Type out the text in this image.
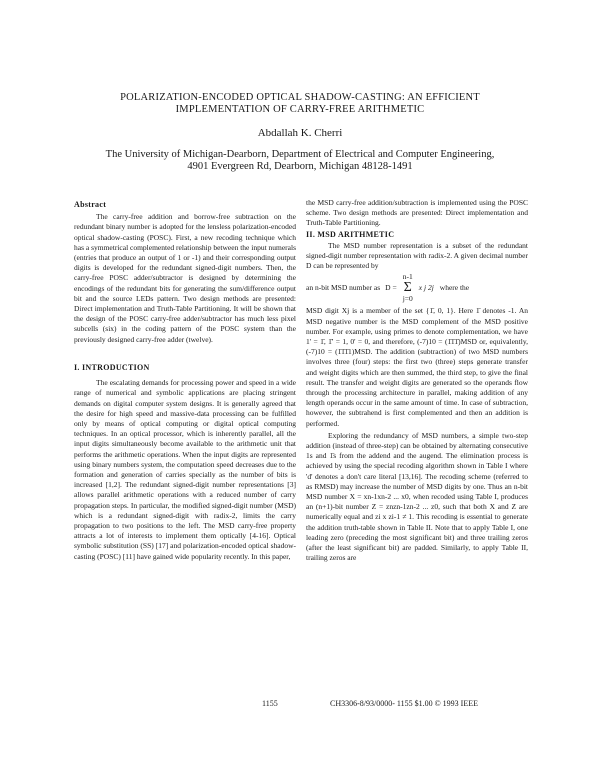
POLARIZATION-ENCODED OPTICAL SHADOW-CASTING: AN EFFICIENT
IMPLEMENTATION OF CARRY-FREE ARITHMETIC
Abdallah K. Cherri
The University of Michigan-Dearborn, Department of Electrical and Computer Engineering,
4901 Evergreen Rd, Dearborn, Michigan 48128-1491
Abstract

The carry-free addition and borrow-free subtraction on the redundant binary number is adopted for the lensless polarization-encoded optical shadow-casting (POSC). First, a new recoding technique which has a symmetrical complemented relationship between the input numerals (entries that produce an output of 1 or -1) and their corresponding output digits is developed for the redundant signed-digit numbers. Then, the carry-free POSC adder/subtractor is designed by determining the encodings of the redundant bits for generating the sum/difference output bit and the source LEDs pattern. Two design methods are presented: Direct implementation and Truth-Table Partitioning. It will be shown that the design of the POSC carry-free adder/subtractor has much less pixel subcells (six) in the coding pattern of the POSC system than the previously designed carry-free adder (twelve).

I. INTRODUCTION

The escalating demands for processing power and speed in a wide range of numerical and symbolic applications are placing stringent demands on digital computer system designs. It is generally agreed that the desire for high speed and massive-data processing can be fulfilled only by means of optical computing or digital optical computing techniques. In an optical processor, which is inherently parallel, all the input digits simultaneously become available to the arithmetic unit that performs the arithmetic operations. When the input digits are represented using binary numbers system, the computation speed decreases due to the formation and generation of carries specially as the number of bits is increased [1,2]. The redundant signed-digit number representations [3] allows parallel arithmetic operations with a reduced number of carry propagation steps. In particular, the modified signed-digit number (MSD) which is a redundant signed-digit with radix-2, limits the carry propagation to two positions to the left. The MSD carry-free property attracts a lot of interests to implement them optically [4-16]. Optical symbolic substitution (SS) [17] and polarization-encoded optical shadow-casting (POSC) [11] have gained wide popularity recently. In this paper,

the MSD carry-free addition/subtraction is implemented using the POSC scheme. Two design methods are presented: Direct implementation and Truth-Table Partitioning.

II. MSD ARITHMETIC

The MSD number representation is a subset of the redundant signed-digit number representation with radix-2. A given decimal number D can be represented by

an n-bit MSD number as D =
n-1
Σ
j=0
x j 2j where the

MSD digit Xj is a member of the set {1̄, 0, 1}. Here 1̄ denotes -1. An MSD negative number is the MSD complement of the MSD positive number. For example, using primes to denote complementation, we have 1' = 1̄, 1̄' = 1, 0' = 0, and therefore, (-7)10 = (1̄1̄1̄)MSD or, equivalently, (-7)10 = (1̄1̄1̄1)MSD. The addition (subtraction) of two MSD numbers involves three (four) steps: the first two (three) steps generate transfer and weight digits which are then summed, the third step, to give the final result. The transfer and weight digits are generated so the operands flow through the processing architecture in parallel, making addition of any length operands occur in the same amount of time. In case of subtraction, however, the subtrahend is first complemented and then an addition is performed.

Exploring the redundancy of MSD numbers, a simple two-step addition (instead of three-step) can be obtained by alternating consecutive 1s and 1̄s from the addend and the augend. The elimination process is achieved by using the special recoding algorithm shown in Table I where 'd' denotes a don't care literal [13,16]. The recoding scheme (referred to as RMSD) may increase the number of MSD digits by one. Thus an n-bit MSD number X = xn-1xn-2 ... x0, when recoded using Table I, produces an (n+1)-bit number Z = znzn-1zn-2 ... z0, such that both X and Z are numerically equal and zi x zi-1 ≠ 1. This recoding is essential to generate the addition truth-table shown in Table II. Note that to apply Table I, one leading zero (preceding the most significant bit) and three trailing zeros (after the least significant bit) are padded. Similarly, to apply Table II, trailing zeros are

1155	CH3306-8/93/0000- 1155 $1.00 © 1993 IEEE
